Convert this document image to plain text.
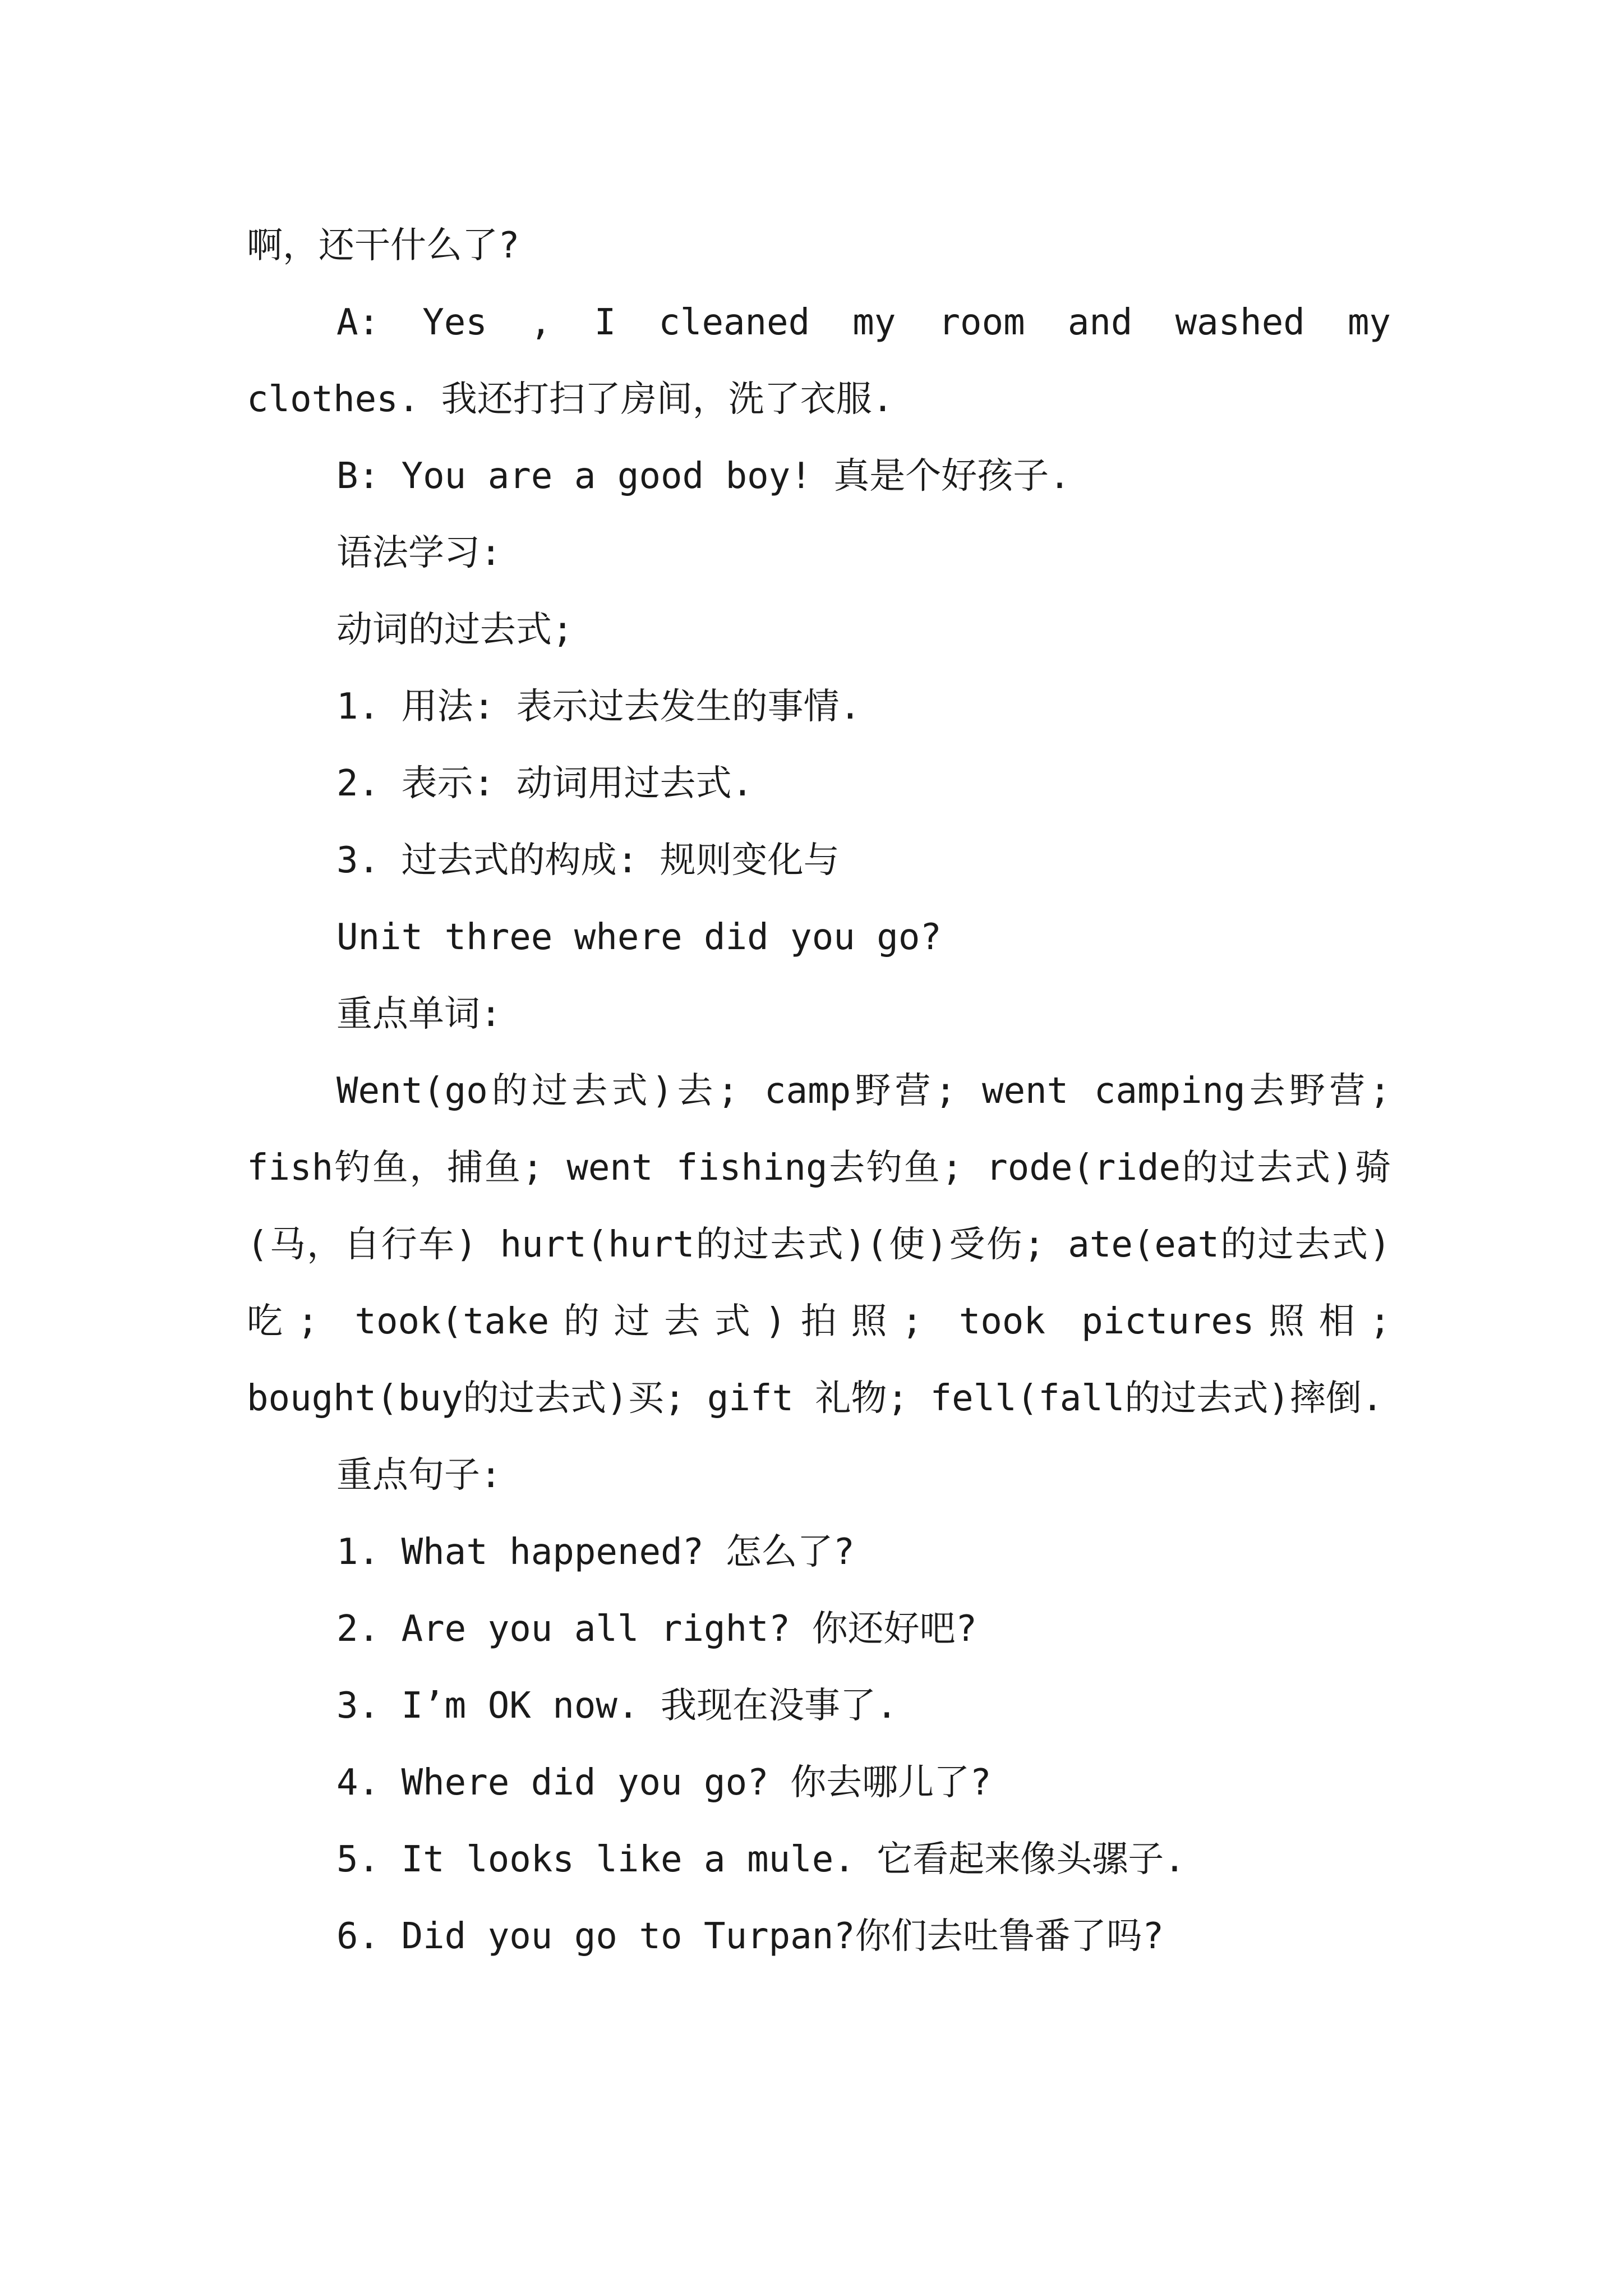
啊，还干什么了?
A: Yes , I cleaned my room and washed my clothes. 我还打扫了房间，洗了衣服.
B: You are a good boy! 真是个好孩子.
语法学习:
动词的过去式;
1. 用法: 表示过去发生的事情.
2. 表示: 动词用过去式.
3. 过去式的构成: 规则变化与
Unit three where did you go?
重点单词:
Went(go的过去式)去; camp野营; went camping去野营; fish钓鱼，捕鱼; went fishing去钓鱼; rode(ride的过去式)骑(马，自行车) hurt(hurt的过去式)(使)受伤; ate(eat的过去式)吃; took(take的过去式)拍照; took pictures照相; bought(buy的过去式)买; gift 礼物; fell(fall的过去式)摔倒.
重点句子:
1. What happened? 怎么了?
2. Are you all right? 你还好吧?
3. I’m OK now. 我现在没事了.
4. Where did you go? 你去哪儿了?
5. It looks like a mule. 它看起来像头骡子.
6. Did you go to Turpan?你们去吐鲁番了吗?
